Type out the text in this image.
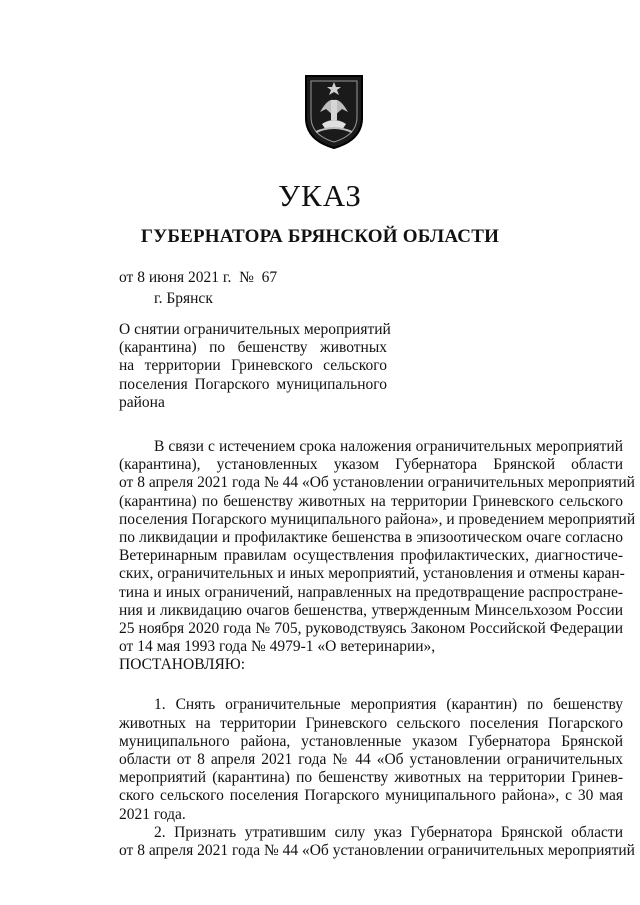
УКАЗ
ГУБЕРНАТОРА БРЯНСКОЙ ОБЛАСТИ
от 8 июня 2021 г.  №  67
г. Брянск
О снятии ограничительных мероприятий
(карантина) по бешенству животных
на территории Гриневского сельского
поселения Погарского муниципального
района
В связи с истечением срока наложения ограничительных мероприятий
(карантина), установленных указом Губернатора Брянской области
от 8 апреля 2021 года № 44 «Об установлении ограничительных мероприятий
(карантина) по бешенству животных на территории Гриневского сельского
поселения Погарского муниципального района», и проведением мероприятий
по ликвидации и профилактике бешенства в эпизоотическом очаге согласно
Ветеринарным правилам осуществления профилактических, диагностиче-
ских, ограничительных и иных мероприятий, установления и отмены каран-
тина и иных ограничений, направленных на предотвращение распростране-
ния и ликвидацию очагов бешенства, утвержденным Минсельхозом России
25 ноября 2020 года № 705, руководствуясь Законом Российской Федерации
от 14 мая 1993 года № 4979-1 «О ветеринарии»,
ПОСТАНОВЛЯЮ:
1. Снять ограничительные мероприятия (карантин) по бешенству
животных на территории Гриневского сельского поселения Погарского
муниципального района, установленные указом Губернатора Брянской
области от 8 апреля 2021 года № 44 «Об установлении ограничительных
мероприятий (карантина) по бешенству животных на территории Гринев-
ского сельского поселения Погарского муниципального района», с 30 мая
2021 года.
2. Признать утратившим силу указ Губернатора Брянской области
от 8 апреля 2021 года № 44 «Об установлении ограничительных мероприятий
